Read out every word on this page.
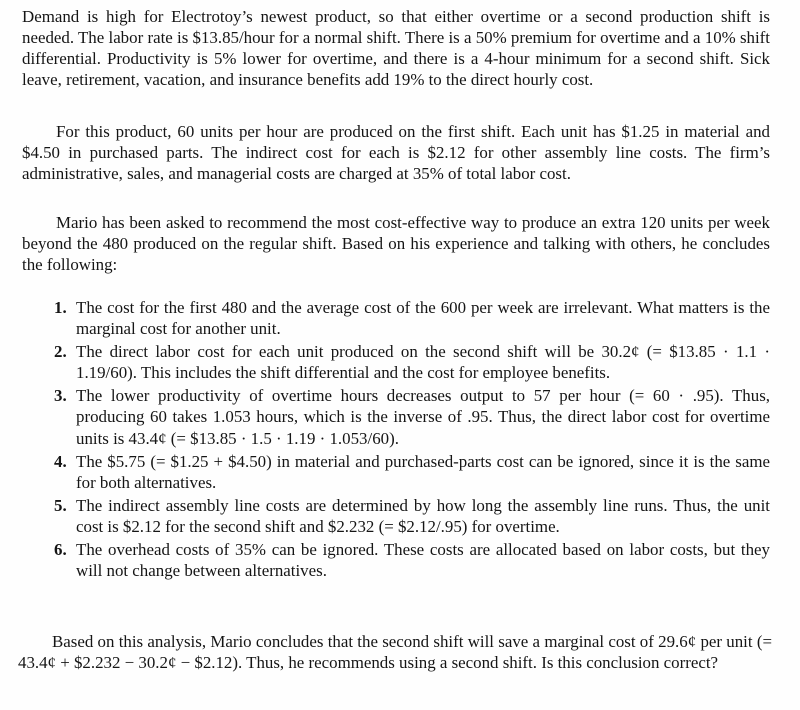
Demand is high for Electrotoy’s newest product, so that either overtime or a second production shift is needed. The labor rate is $13.85/hour for a normal shift. There is a 50% premium for overtime and a 10% shift differential. Productivity is 5% lower for overtime, and there is a 4-hour minimum for a second shift. Sick leave, retirement, vacation, and insurance benefits add 19% to the direct hourly cost.

For this product, 60 units per hour are produced on the first shift. Each unit has $1.25 in material and $4.50 in purchased parts. The indirect cost for each is $2.12 for other assembly line costs. The firm’s administrative, sales, and managerial costs are charged at 35% of total labor cost.

Mario has been asked to recommend the most cost-effective way to produce an extra 120 units per week beyond the 480 produced on the regular shift. Based on his experience and talking with others, he concludes the following:

1. The cost for the first 480 and the average cost of the 600 per week are irrelevant. What matters is the marginal cost for another unit.
2. The direct labor cost for each unit produced on the second shift will be 30.2¢ (= $13.85 · 1.1 · 1.19/60). This includes the shift differential and the cost for employee benefits.
3. The lower productivity of overtime hours decreases output to 57 per hour (= 60 · .95). Thus, producing 60 takes 1.053 hours, which is the inverse of .95. Thus, the direct labor cost for overtime units is 43.4¢ (= $13.85 · 1.5 · 1.19 · 1.053/60).
4. The $5.75 (= $1.25 + $4.50) in material and purchased-parts cost can be ignored, since it is the same for both alternatives.
5. The indirect assembly line costs are determined by how long the assembly line runs. Thus, the unit cost is $2.12 for the second shift and $2.232 (= $2.12/.95) for overtime.
6. The overhead costs of 35% can be ignored. These costs are allocated based on labor costs, but they will not change between alternatives.

Based on this analysis, Mario concludes that the second shift will save a marginal cost of 29.6¢ per unit (= 43.4¢ + $2.232 − 30.2¢ − $2.12). Thus, he recommends using a second shift. Is this conclusion correct?
